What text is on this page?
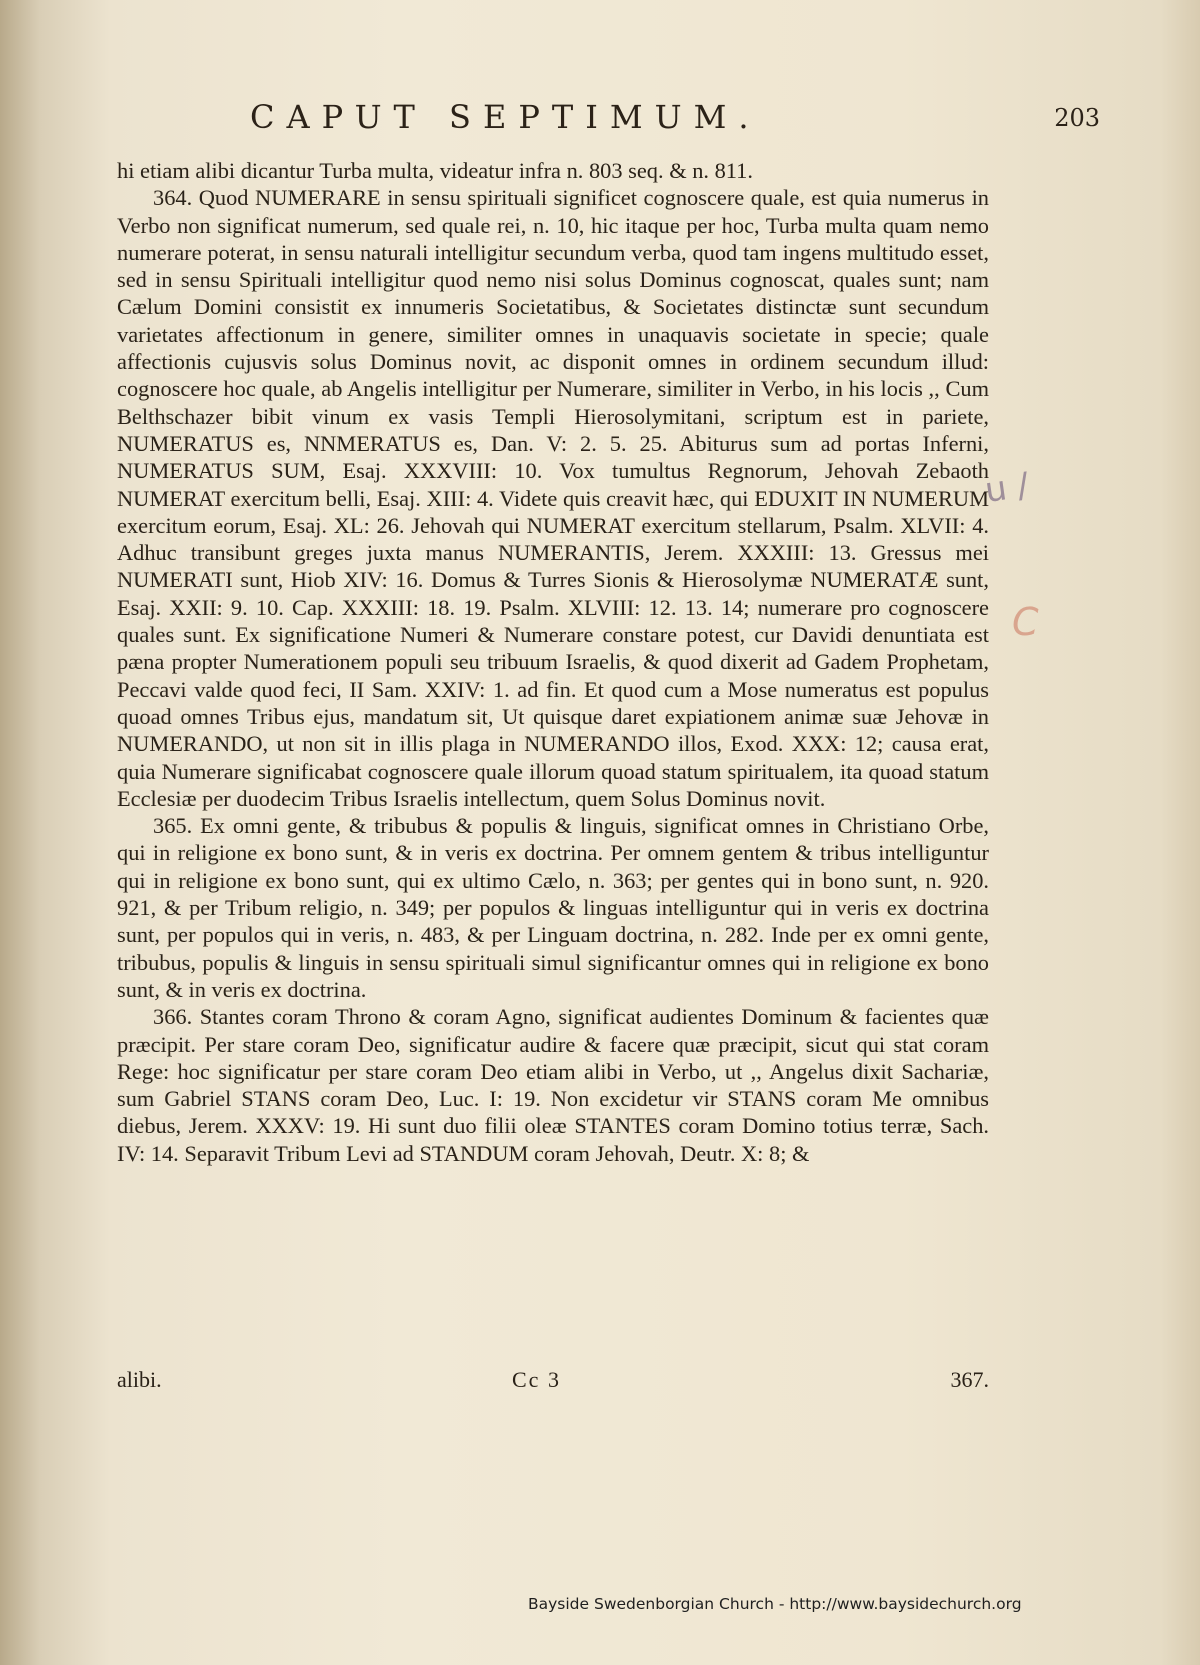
CAPUT SEPTIMUM.	203

hi etiam alibi dicantur Turba multa, videatur infra n. 803 seq. & n. 811.

364. Quod NUMERARE in sensu spirituali significet cognoscere quale, est quia numerus in Verbo non significat numerum, sed quale rei, n. 10, hic itaque per hoc, Turba multa quam nemo numerare poterat, in sensu naturali intelligitur secundum verba, quod tam ingens multitudo esset, sed in sensu Spirituali intelligitur quod nemo nisi solus Dominus cognoscat, quales sunt; nam Cælum Domini consistit ex innumeris Societatibus, & Societates distinctæ sunt secundum varietates affectionum in genere, similiter omnes in unaquavis societate in specie; quale affectionis cujusvis solus Dominus novit, ac disponit omnes in ordinem secundum illud: cognoscere hoc quale, ab Angelis intelligitur per Numerare, similiter in Verbo, in his locis ,, Cum Belthschazer bibit vinum ex vasis Templi Hierosolymitani, scriptum est in pariete, NUMERATUS es, NNMERATUS es, Dan. V: 2. 5. 25. Abiturus sum ad portas Inferni, NUMERATUS SUM, Esaj. XXXVIII: 10. Vox tumultus Regnorum, Jehovah Zebaoth NUMERAT exercitum belli, Esaj. XIII: 4. Videte quis creavit hæc, qui EDUXIT IN NUMERUM exercitum eorum, Esaj. XL: 26. Jehovah qui NUMERAT exercitum stellarum, Psalm. XLVII: 4. Adhuc transibunt greges juxta manus NUMERANTIS, Jerem. XXXIII: 13. Gressus mei NUMERATI sunt, Hiob XIV: 16. Domus & Turres Sionis & Hierosolymæ NUMERATÆ sunt, Esaj. XXII: 9. 10. Cap. XXXIII: 18. 19. Psalm. XLVIII: 12. 13. 14; numerare pro cognoscere quales sunt. Ex significatione Numeri & Numerare constare potest, cur Davidi denuntiata est pæna propter Numerationem populi seu tribuum Israelis, & quod dixerit ad Gadem Prophetam, Peccavi valde quod feci, II Sam. XXIV: 1. ad fin. Et quod cum a Mose numeratus est populus quoad omnes Tribus ejus, mandatum sit, Ut quisque daret expiationem animæ suæ Jehovæ in NUMERANDO, ut non sit in illis plaga in NUMERANDO illos, Exod. XXX: 12; causa erat, quia Numerare significabat cognoscere quale illorum quoad statum spiritualem, ita quoad statum Ecclesiæ per duodecim Tribus Israelis intellectum, quem Solus Dominus novit.

365. Ex omni gente, & tribubus & populis & linguis, significat omnes in Christiano Orbe, qui in religione ex bono sunt, & in veris ex doctrina. Per omnem gentem & tribus intelliguntur qui in religione ex bono sunt, qui ex ultimo Cælo, n. 363; per gentes qui in bono sunt, n. 920. 921, & per Tribum religio, n. 349; per populos & linguas intelliguntur qui in veris ex doctrina sunt, per populos qui in veris, n. 483, & per Linguam doctrina, n. 282. Inde per ex omni gente, tribubus, populis & linguis in sensu spirituali simul significantur omnes qui in religione ex bono sunt, & in veris ex doctrina.

366. Stantes coram Throno & coram Agno, significat audientes Dominum & facientes quæ præcipit. Per stare coram Deo, significatur audire & facere quæ præcipit, sicut qui stat coram Rege: hoc significatur per stare coram Deo etiam alibi in Verbo, ut ,, Angelus dixit Sachariæ, sum Gabriel STANS coram Deo, Luc. I: 19. Non excidetur vir STANS coram Me omnibus diebus, Jerem. XXXV: 19. Hi sunt duo filii oleæ STANTES coram Domino totius terræ, Sach. IV: 14. Separavit Tribum Levi ad STANDUM coram Jehovah, Deutr. X: 8; &

alibi.	Cc 3	367.
u /
C
Bayside Swedenborgian Church - http://www.baysidechurch.org
